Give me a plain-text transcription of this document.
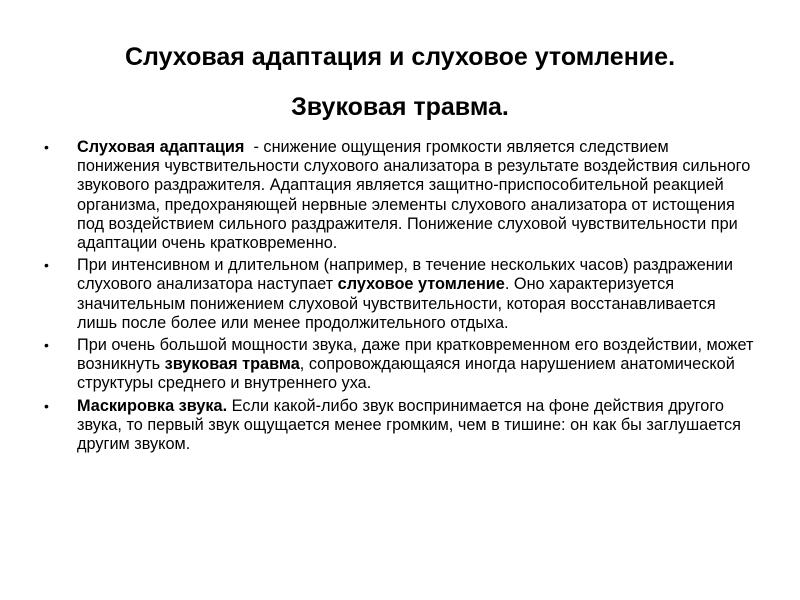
Слуховая адаптация и слуховое утомление.
Звуковая травма.
• Слуховая адаптация  - снижение ощущения громкости является следствием понижения чувствительности слухового анализатора в результате воздействия сильного звукового раздражителя. Адаптация является защитно-приспособительной реакцией организма, предохраняющей нервные элементы слухового анализатора от истощения под воздействием сильного раздражителя. Понижение слуховой чувствительности при адаптации очень кратковременно.
• При интенсивном и длительном (например, в течение нескольких часов) раздражении слухового анализатора наступает слуховое утомление. Оно характеризуется значительным понижением слуховой чувствительности, которая восстанавливается лишь после более или менее продолжительного отдыха.
• При очень большой мощности звука, даже при кратковременном его воздействии, может возникнуть звуковая травма, сопровождающаяся иногда нарушением анатомической структуры среднего и внутреннего уха.
• Маскировка звука. Если какой-либо звук воспринимается на фоне действия другого звука, то первый звук ощущается менее громким, чем в тишине: он как бы заглушается другим звуком.
